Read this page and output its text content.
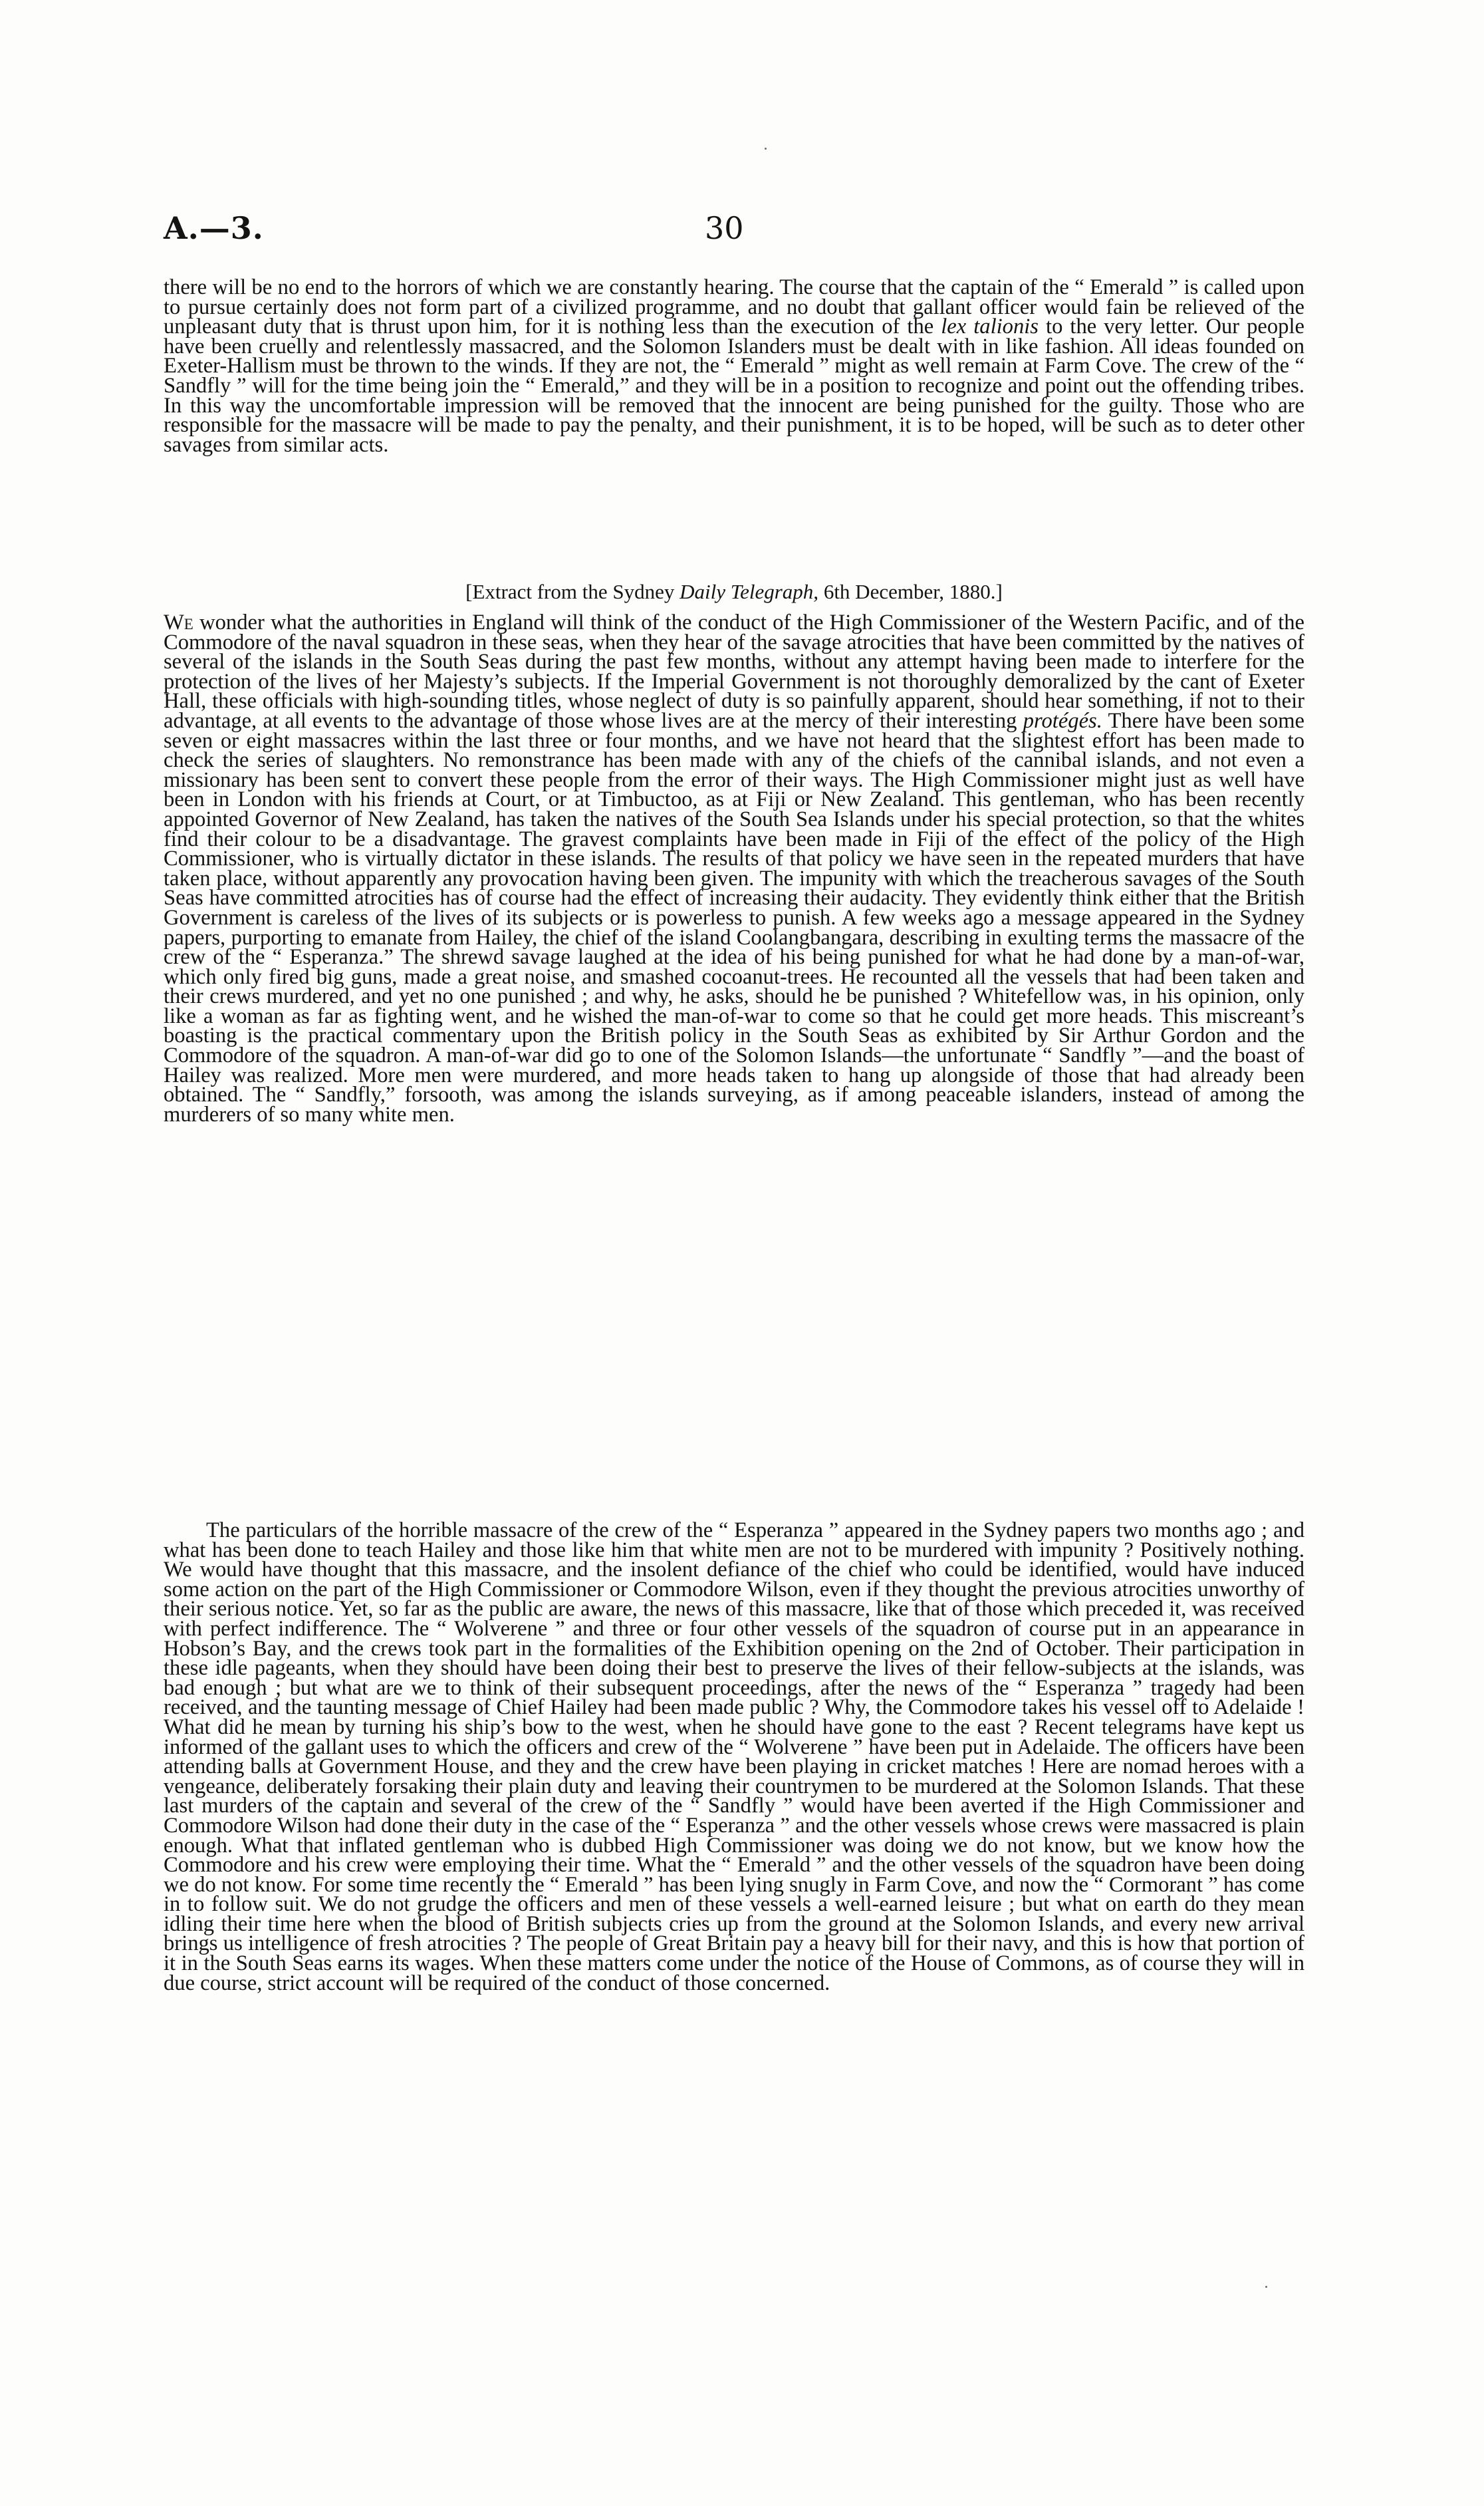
A.—3.	30
there will be no end to the horrors of which we are constantly hearing. The course that the captain of the “ Emerald ” is called upon to pursue certainly does not form part of a civilized programme, and no doubt that gallant officer would fain be relieved of the unpleasant duty that is thrust upon him, for it is nothing less than the execution of the lex talionis to the very letter. Our people have been cruelly and relentlessly massacred, and the Solomon Islanders must be dealt with in like fashion. All ideas founded on Exeter-Hallism must be thrown to the winds. If they are not, the “ Emerald ” might as well remain at Farm Cove. The crew of the “ Sandfly ” will for the time being join the “ Emerald,” and they will be in a position to recognize and point out the offending tribes. In this way the uncomfortable impression will be removed that the innocent are being punished for the guilty. Those who are responsible for the massacre will be made to pay the penalty, and their punishment, it is to be hoped, will be such as to deter other savages from similar acts.
[Extract from the Sydney Daily Telegraph, 6th December, 1880.]
We wonder what the authorities in England will think of the conduct of the High Commissioner of the Western Pacific, and of the Commodore of the naval squadron in these seas, when they hear of the savage atrocities that have been committed by the natives of several of the islands in the South Seas during the past few months, without any attempt having been made to interfere for the protection of the lives of her Majesty’s subjects. If the Imperial Government is not thoroughly demoralized by the cant of Exeter Hall, these officials with high-sounding titles, whose neglect of duty is so painfully apparent, should hear something, if not to their advantage, at all events to the advantage of those whose lives are at the mercy of their interesting protégés. There have been some seven or eight massacres within the last three or four months, and we have not heard that the slightest effort has been made to check the series of slaughters. No remonstrance has been made with any of the chiefs of the cannibal islands, and not even a missionary has been sent to convert these people from the error of their ways. The High Commissioner might just as well have been in London with his friends at Court, or at Timbuctoo, as at Fiji or New Zealand. This gentleman, who has been recently appointed Governor of New Zealand, has taken the natives of the South Sea Islands under his special protection, so that the whites find their colour to be a disadvantage. The gravest complaints have been made in Fiji of the effect of the policy of the High Commissioner, who is virtually dictator in these islands. The results of that policy we have seen in the repeated murders that have taken place, without apparently any provocation having been given. The impunity with which the treacherous savages of the South Seas have committed atrocities has of course had the effect of increasing their audacity. They evidently think either that the British Government is careless of the lives of its subjects or is powerless to punish. A few weeks ago a message appeared in the Sydney papers, purporting to emanate from Hailey, the chief of the island Coolangbangara, describing in exulting terms the massacre of the crew of the “ Esperanza.” The shrewd savage laughed at the idea of his being punished for what he had done by a man-of-war, which only fired big guns, made a great noise, and smashed cocoanut-trees. He recounted all the vessels that had been taken and their crews murdered, and yet no one punished ; and why, he asks, should he be punished ? Whitefellow was, in his opinion, only like a woman as far as fighting went, and he wished the man-of-war to come so that he could get more heads. This miscreant’s boasting is the practical commentary upon the British policy in the South Seas as exhibited by Sir Arthur Gordon and the Commodore of the squadron. A man-of-war did go to one of the Solomon Islands—the unfortunate “ Sandfly ”—and the boast of Hailey was realized. More men were murdered, and more heads taken to hang up alongside of those that had already been obtained. The “ Sandfly,” forsooth, was among the islands surveying, as if among peaceable islanders, instead of among the murderers of so many white men.
The particulars of the horrible massacre of the crew of the “ Esperanza ” appeared in the Sydney papers two months ago ; and what has been done to teach Hailey and those like him that white men are not to be murdered with impunity ? Positively nothing. We would have thought that this massacre, and the insolent defiance of the chief who could be identified, would have induced some action on the part of the High Commissioner or Commodore Wilson, even if they thought the previous atrocities unworthy of their serious notice. Yet, so far as the public are aware, the news of this massacre, like that of those which preceded it, was received with perfect indifference. The “ Wolverene ” and three or four other vessels of the squadron of course put in an appearance in Hobson’s Bay, and the crews took part in the formalities of the Exhibition opening on the 2nd of October. Their participation in these idle pageants, when they should have been doing their best to preserve the lives of their fellow-subjects at the islands, was bad enough ; but what are we to think of their subsequent proceedings, after the news of the “ Esperanza ” tragedy had been received, and the taunting message of Chief Hailey had been made public ? Why, the Commodore takes his vessel off to Adelaide ! What did he mean by turning his ship’s bow to the west, when he should have gone to the east ? Recent telegrams have kept us informed of the gallant uses to which the officers and crew of the “ Wolverene ” have been put in Adelaide. The officers have been attending balls at Government House, and they and the crew have been playing in cricket matches ! Here are nomad heroes with a vengeance, deliberately forsaking their plain duty and leaving their countrymen to be murdered at the Solomon Islands. That these last murders of the captain and several of the crew of the “ Sandfly ” would have been averted if the High Commissioner and Commodore Wilson had done their duty in the case of the “ Esperanza ” and the other vessels whose crews were massacred is plain enough. What that inflated gentleman who is dubbed High Commissioner was doing we do not know, but we know how the Commodore and his crew were employing their time. What the “ Emerald ” and the other vessels of the squadron have been doing we do not know. For some time recently the “ Emerald ” has been lying snugly in Farm Cove, and now the “ Cormorant ” has come in to follow suit. We do not grudge the officers and men of these vessels a well-earned leisure ; but what on earth do they mean idling their time here when the blood of British subjects cries up from the ground at the Solomon Islands, and every new arrival brings us intelligence of fresh atrocities ? The people of Great Britain pay a heavy bill for their navy, and this is how that portion of it in the South Seas earns its wages. When these matters come under the notice of the House of Commons, as of course they will in due course, strict account will be required of the conduct of those concerned.
